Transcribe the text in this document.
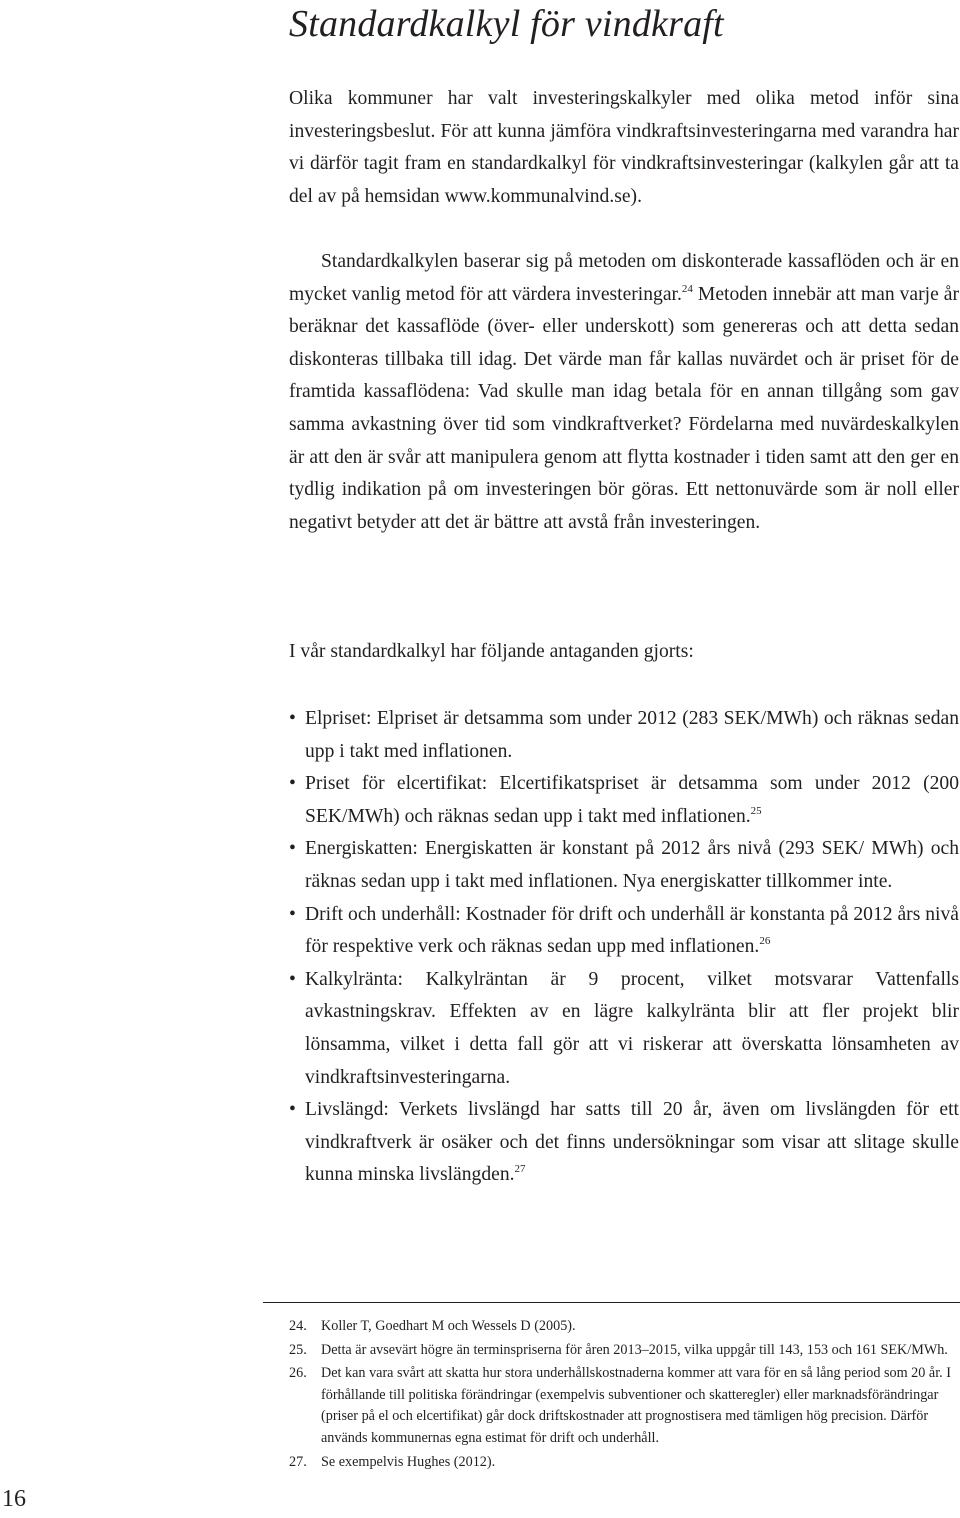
Standardkalkyl för vindkraft

Olika kommuner har valt investeringskalkyler med olika metod inför sina investeringsbeslut. För att kunna jämföra vindkraftsinvesteringarna med varandra har vi därför tagit fram en standardkalkyl för vindkraftsinvesteringar (kalkylen går att ta del av på hemsidan www.kommunalvind.se).

Standardkalkylen baserar sig på metoden om diskonterade kassaflöden och är en mycket vanlig metod för att värdera investeringar.$^{24}$ Metoden innebär att man varje år beräknar det kassaflöde (över- eller underskott) som genereras och att detta sedan diskonteras tillbaka till idag. Det värde man får kallas nuvärdet och är priset för de framtida kassaflödena: Vad skulle man idag betala för en annan tillgång som gav samma avkastning över tid som vindkraftverket? Fördelarna med nuvärdeskalkylen är att den är svår att manipulera genom att flytta kostnader i tiden samt att den ger en tydlig indikation på om investeringen bör göras. Ett nettonuvärde som är noll eller negativt betyder att det är bättre att avstå från investeringen.

I vår standardkalkyl har följande antaganden gjorts:

• Elpriset: Elpriset är detsamma som under 2012 (283 SEK/MWh) och räknas sedan upp i takt med inflationen.
• Priset för elcertifikat: Elcertifikatspriset är detsamma som under 2012 (200 SEK/MWh) och räknas sedan upp i takt med inflationen.$^{25}$
• Energiskatten: Energiskatten är konstant på 2012 års nivå (293 SEK/ MWh) och räknas sedan upp i takt med inflationen. Nya energiskatter tillkommer inte.
• Drift och underhåll: Kostnader för drift och underhåll är konstanta på 2012 års nivå för respektive verk och räknas sedan upp med inflationen.$^{26}$
• Kalkylränta: Kalkylräntan är 9 procent, vilket motsvarar Vattenfalls avkastningskrav. Effekten av en lägre kalkylränta blir att fler projekt blir lönsamma, vilket i detta fall gör att vi riskerar att överskatta lönsamheten av vindkraftsinvesteringarna.
• Livslängd: Verkets livslängd har satts till 20 år, även om livslängden för ett vindkraftverk är osäker och det finns undersökningar som visar att slitage skulle kunna minska livslängden.$^{27}$
24. Koller T, Goedhart M och Wessels D (2005).
25. Detta är avsevärt högre än terminspriserna för åren 2013–2015, vilka uppgår till 143, 153 och 161 SEK/MWh.
26. Det kan vara svårt att skatta hur stora underhållskostnaderna kommer att vara för en så lång period som 20 år. I förhållande till politiska förändringar (exempelvis subventioner och skatteregler) eller marknadsförändringar (priser på el och elcertifikat) går dock driftskostnader att prognostisera med tämligen hög precision. Därför används kommunernas egna estimat för drift och underhåll.
27. Se exempelvis Hughes (2012).
16
